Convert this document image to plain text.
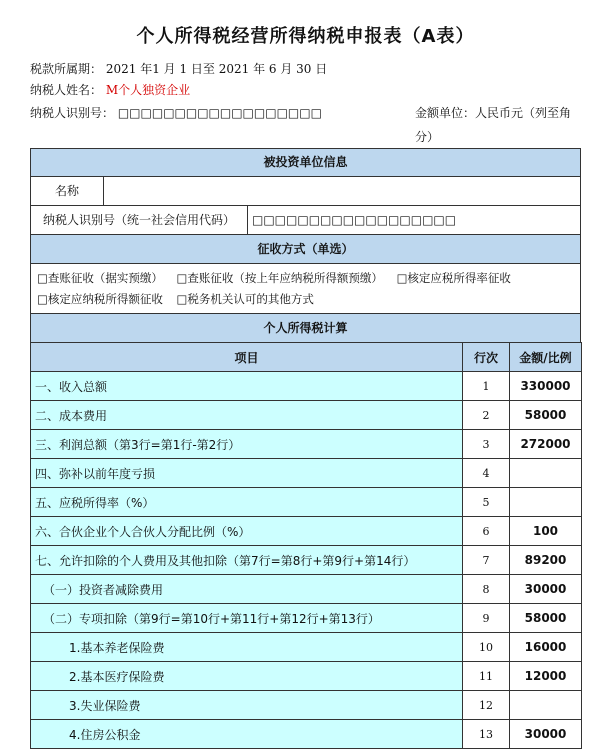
个人所得税经营所得纳税申报表（A表）
税款所属期： 2021 年1 月 1 日至 2021 年 6 月 30 日
纳税人姓名： M个人独资企业
纳税人识别号： □□□□□□□□□□□□□□□□□□	金额单位：人民币元（列至角分）
被投资单位信息
名称
纳税人识别号（统一社会信用代码）	□□□□□□□□□□□□□□□□□□
征收方式（单选）
□查账征收（据实预缴） □查账征收（按上年应纳税所得额预缴） □核定应税所得率征收 □核定应纳税所得额征收 □税务机关认可的其他方式
个人所得税计算
项目	行次	金额/比例
一、收入总额	1	330000
二、成本费用	2	58000
三、利润总额（第3行=第1行-第2行）	3	272000
四、弥补以前年度亏损	4	
五、应税所得率（%）	5	
六、合伙企业个人合伙人分配比例（%）	6	100
七、允许扣除的个人费用及其他扣除（第7行=第8行+第9行+第14行）	7	89200
（一）投资者减除费用	8	30000
（二）专项扣除（第9行=第10行+第11行+第12行+第13行）	9	58000
1.基本养老保险费	10	16000
2.基本医疗保险费	11	12000
3.失业保险费	12	
4.住房公积金	13	30000
